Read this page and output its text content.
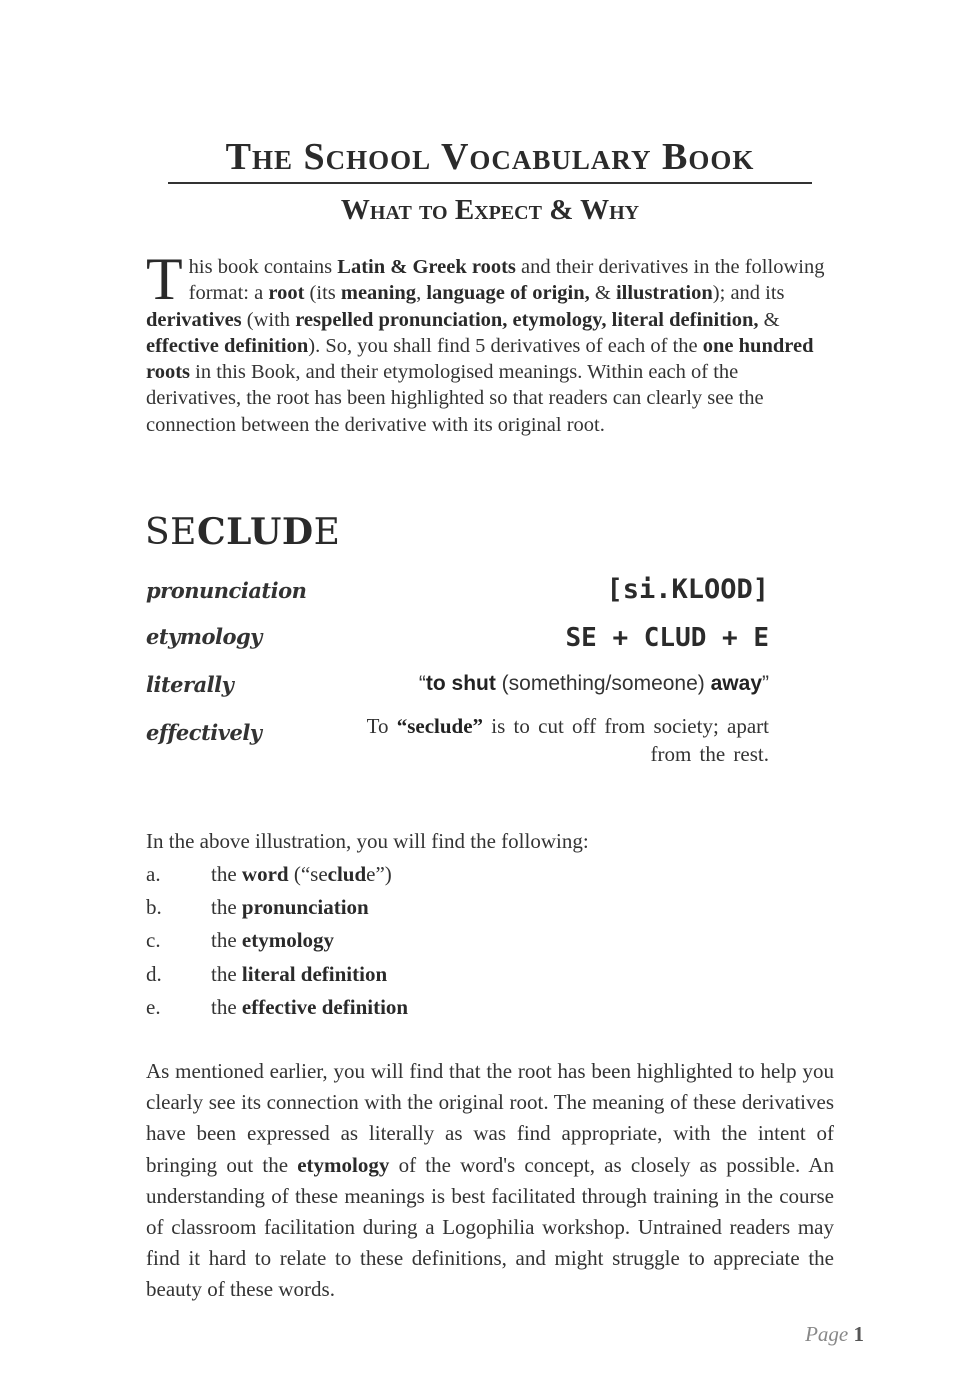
The School Vocabulary Book
What to Expect & Why
T his book contains Latin & Greek roots and their derivatives in the following format: a root (its meaning, language of origin, & illustration); and its derivatives (with respelled pronunciation, etymology, literal definition, & effective definition). So, you shall find 5 derivatives of each of the one hundred roots in this Book, and their etymologised meanings. Within each of the derivatives, the root has been highlighted so that readers can clearly see the connection between the derivative with its original root.
SECLUDE
pronunciation	[si.KLOOD]
etymology	SE + CLUD + E
literally	“to shut (something/someone) away”
effectively	To “seclude” is to cut off from society; apart from the rest.
In the above illustration, you will find the following:
a. the word (“seclude”)
b. the pronunciation
c. the etymology
d. the literal definition
e. the effective definition
As mentioned earlier, you will find that the root has been highlighted to help you clearly see its connection with the original root. The meaning of these derivatives have been expressed as literally as was find appropriate, with the intent of bringing out the etymology of the word's concept, as closely as possible. An understanding of these meanings is best facilitated through training in the course of classroom facilitation during a Logophilia workshop. Untrained readers may find it hard to relate to these definitions, and might struggle to appreciate the beauty of these words.
Page 1
